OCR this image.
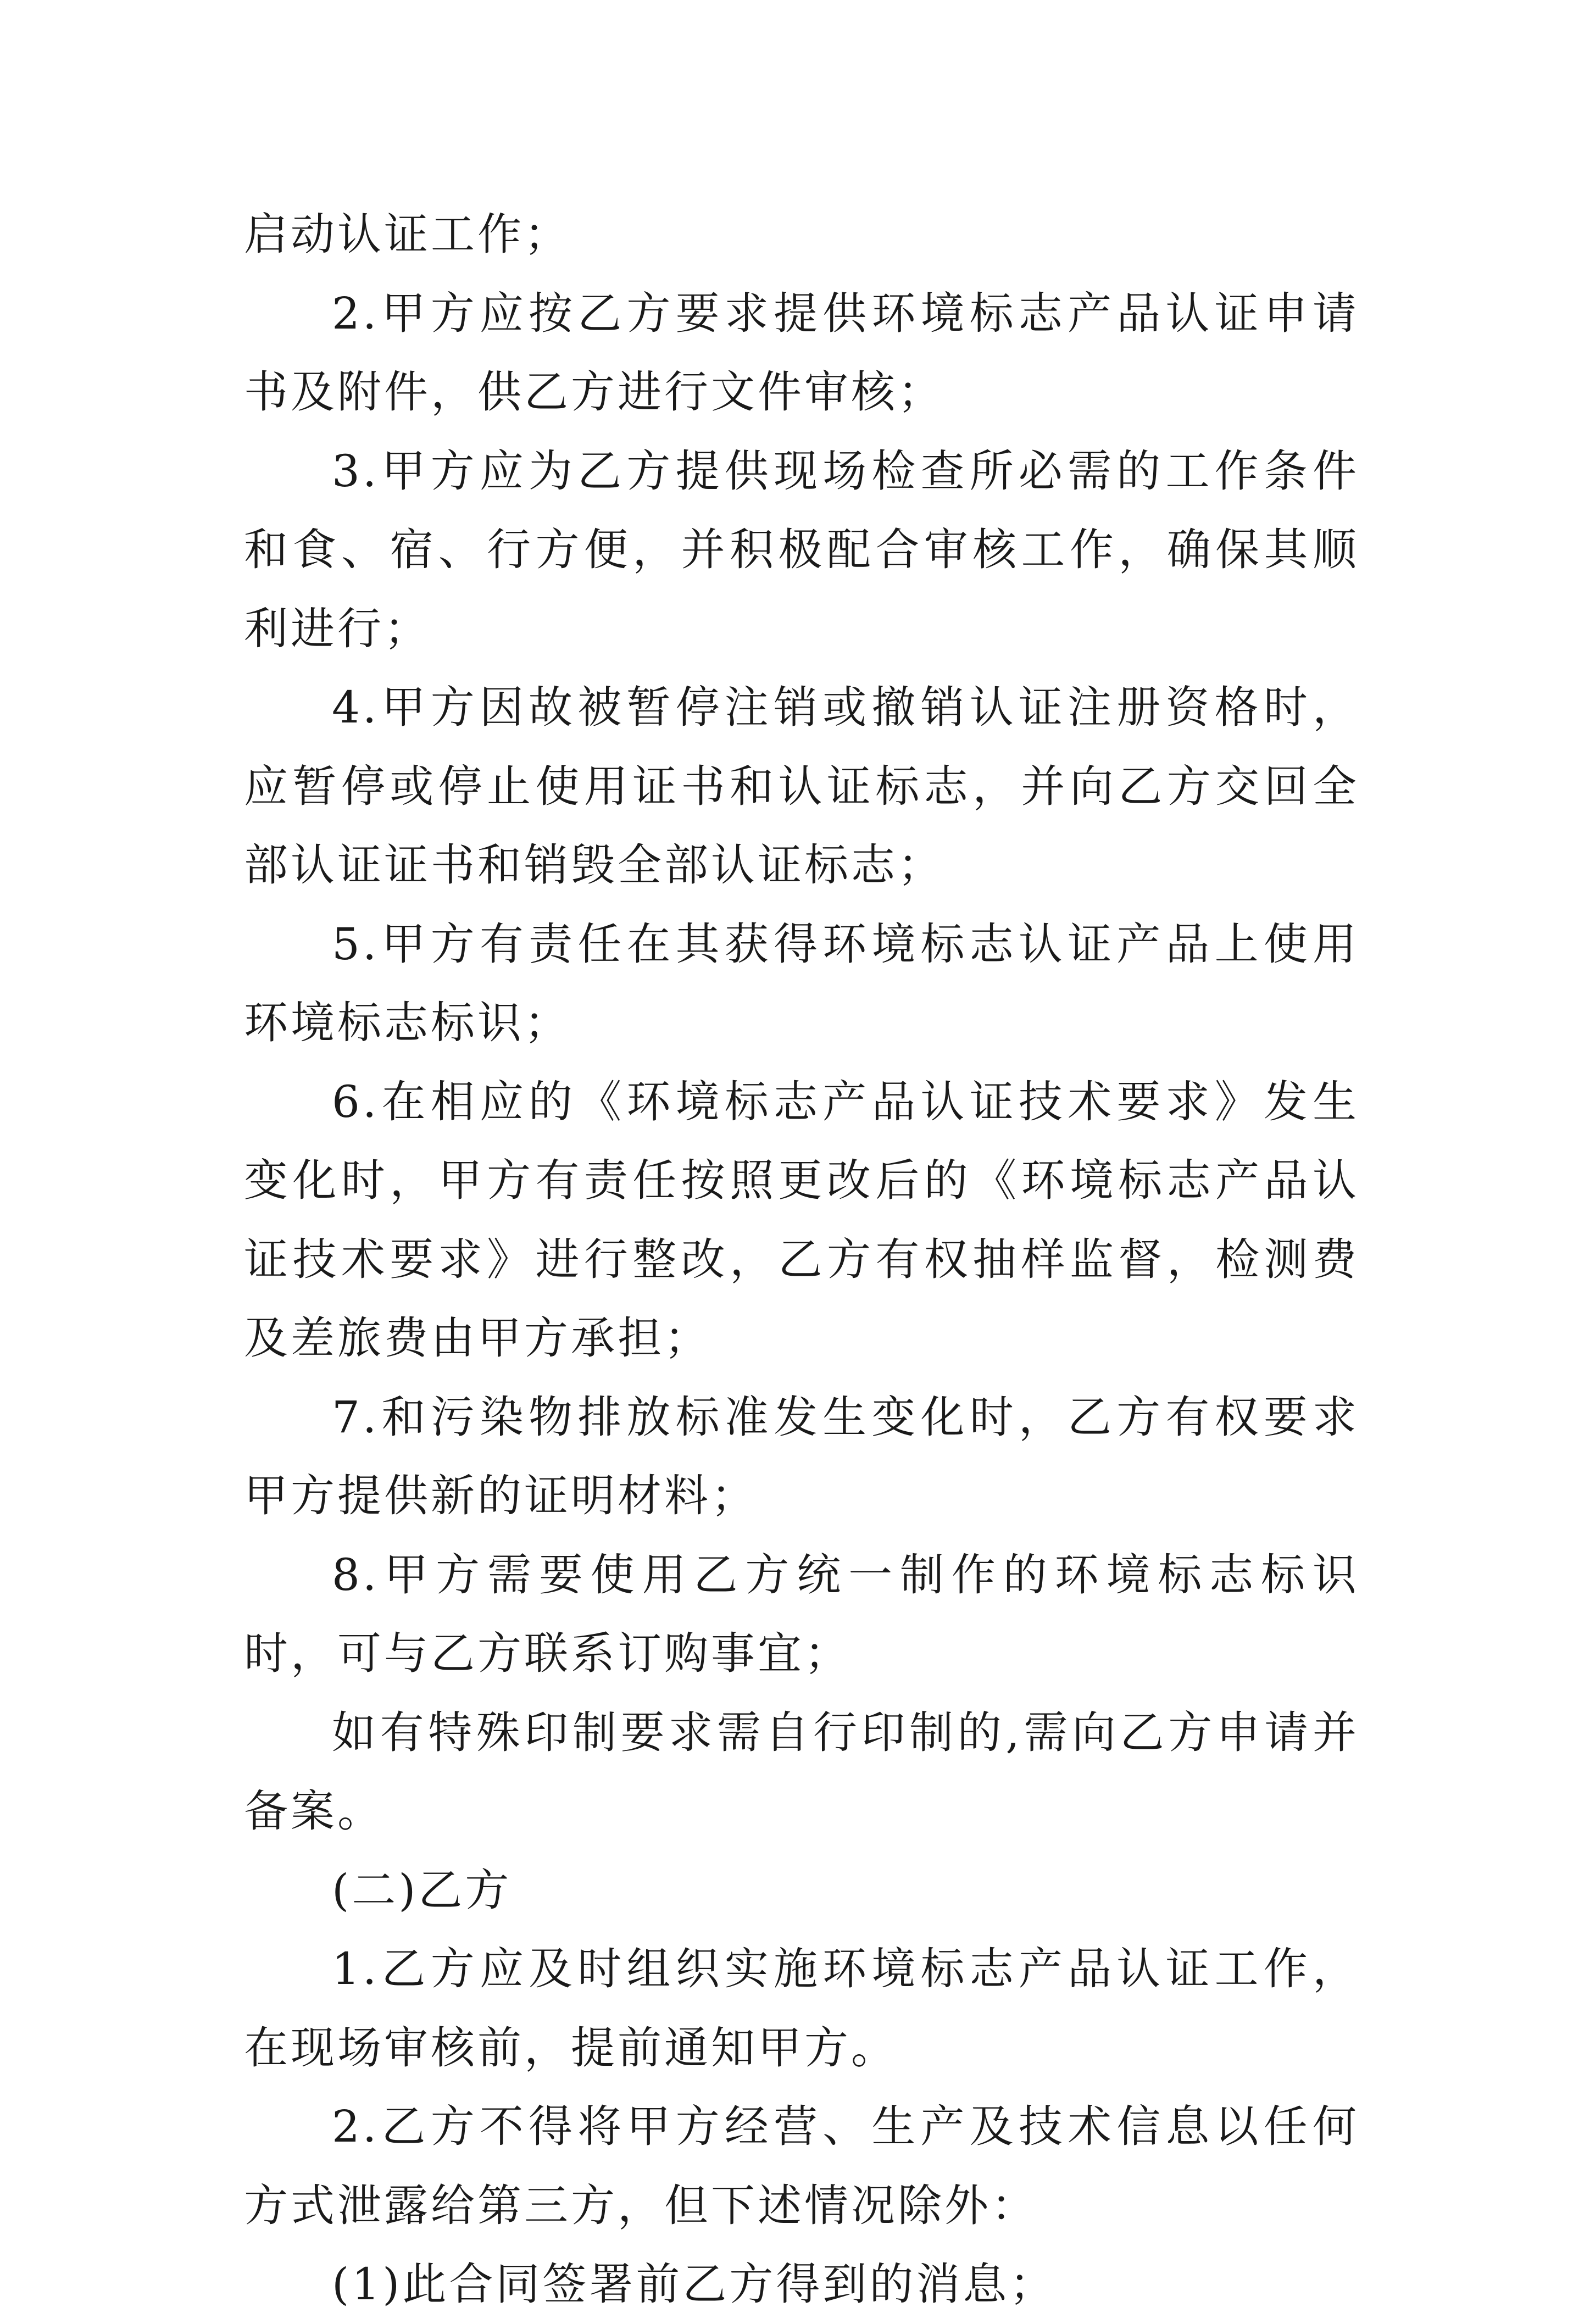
启动认证工作；

2.甲方应按乙方要求提供环境标志产品认证申请书及附件，供乙方进行文件审核；

3.甲方应为乙方提供现场检查所必需的工作条件和食、宿、行方便，并积极配合审核工作，确保其顺利进行；

4.甲方因故被暂停注销或撤销认证注册资格时，应暂停或停止使用证书和认证标志，并向乙方交回全部认证证书和销毁全部认证标志；

5.甲方有责任在其获得环境标志认证产品上使用环境标志标识；

6.在相应的《环境标志产品认证技术要求》发生变化时，甲方有责任按照更改后的《环境标志产品认证技术要求》进行整改，乙方有权抽样监督，检测费及差旅费由甲方承担；

7.和污染物排放标准发生变化时，乙方有权要求甲方提供新的证明材料；

8.甲方需要使用乙方统一制作的环境标志标识时，可与乙方联系订购事宜；

如有特殊印制要求需自行印制的,需向乙方申请并备案。

(二)乙方

1.乙方应及时组织实施环境标志产品认证工作，在现场审核前，提前通知甲方。

2.乙方不得将甲方经营、生产及技术信息以任何方式泄露给第三方，但下述情况除外：

(1)此合同签署前乙方得到的消息；
